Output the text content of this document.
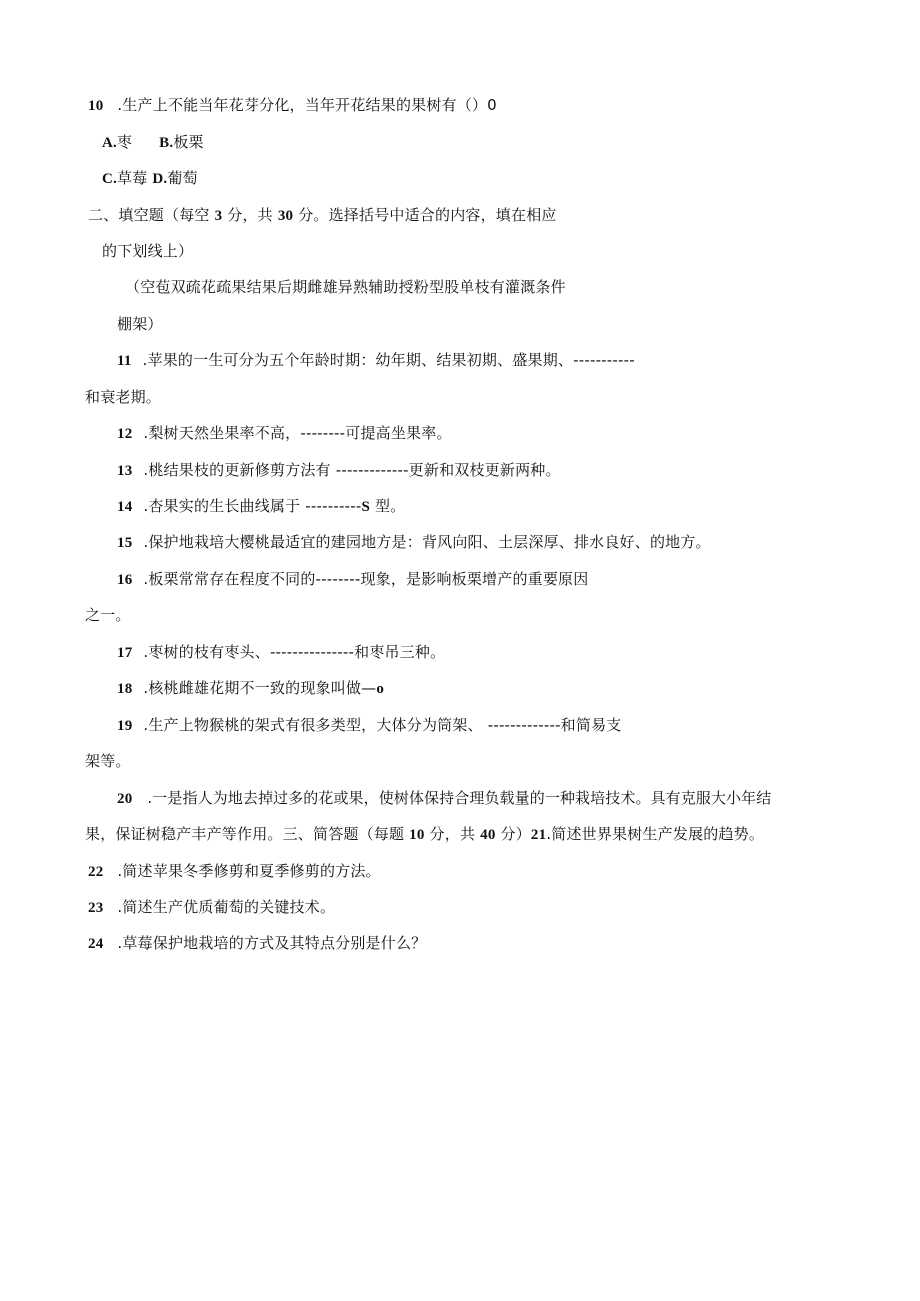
10 .生产上不能当年花芽分化，当年开花结果的果树有（）0
A.枣 B.板栗
C.草莓 D.葡萄
二、填空题（每空 3 分，共 30 分。选择括号中适合的内容，填在相应
的下划线上）
（空苞双疏花疏果结果后期雌雄异熟辅助授粉型股单枝有灌溉条件
棚架）
11 .苹果的一生可分为五个年龄时期：幼年期、结果初期、盛果期、-----------
和衰老期。
12 .梨树天然坐果率不高，--------可提高坐果率。
13 .桃结果枝的更新修剪方法有 -------------更新和双枝更新两种。
14 .杏果实的生长曲线属于 ----------S 型。
15 .保护地栽培大樱桃最适宜的建园地方是：背风向阳、土层深厚、排水良好、的地方。
16 .板栗常常存在程度不同的--------现象，是影响板栗增产的重要原因
之一。
17 .枣树的枝有枣头、---------------和枣吊三种。
18 .核桃雌雄花期不一致的现象叫做—o
19 .生产上物猴桃的架式有很多类型，大体分为筒架、 -------------和简易支
架等。
20 .一是指人为地去掉过多的花或果，使树体保持合理负载量的一种栽培技术。具有克服大小年结
果，保证树稳产丰产等作用。三、简答题（每题 10 分，共 40 分）21.简述世界果树生产发展的趋势。
22 .简述苹果冬季修剪和夏季修剪的方法。
23 .简述生产优质葡萄的关键技术。
24 .草莓保护地栽培的方式及其特点分别是什么？
